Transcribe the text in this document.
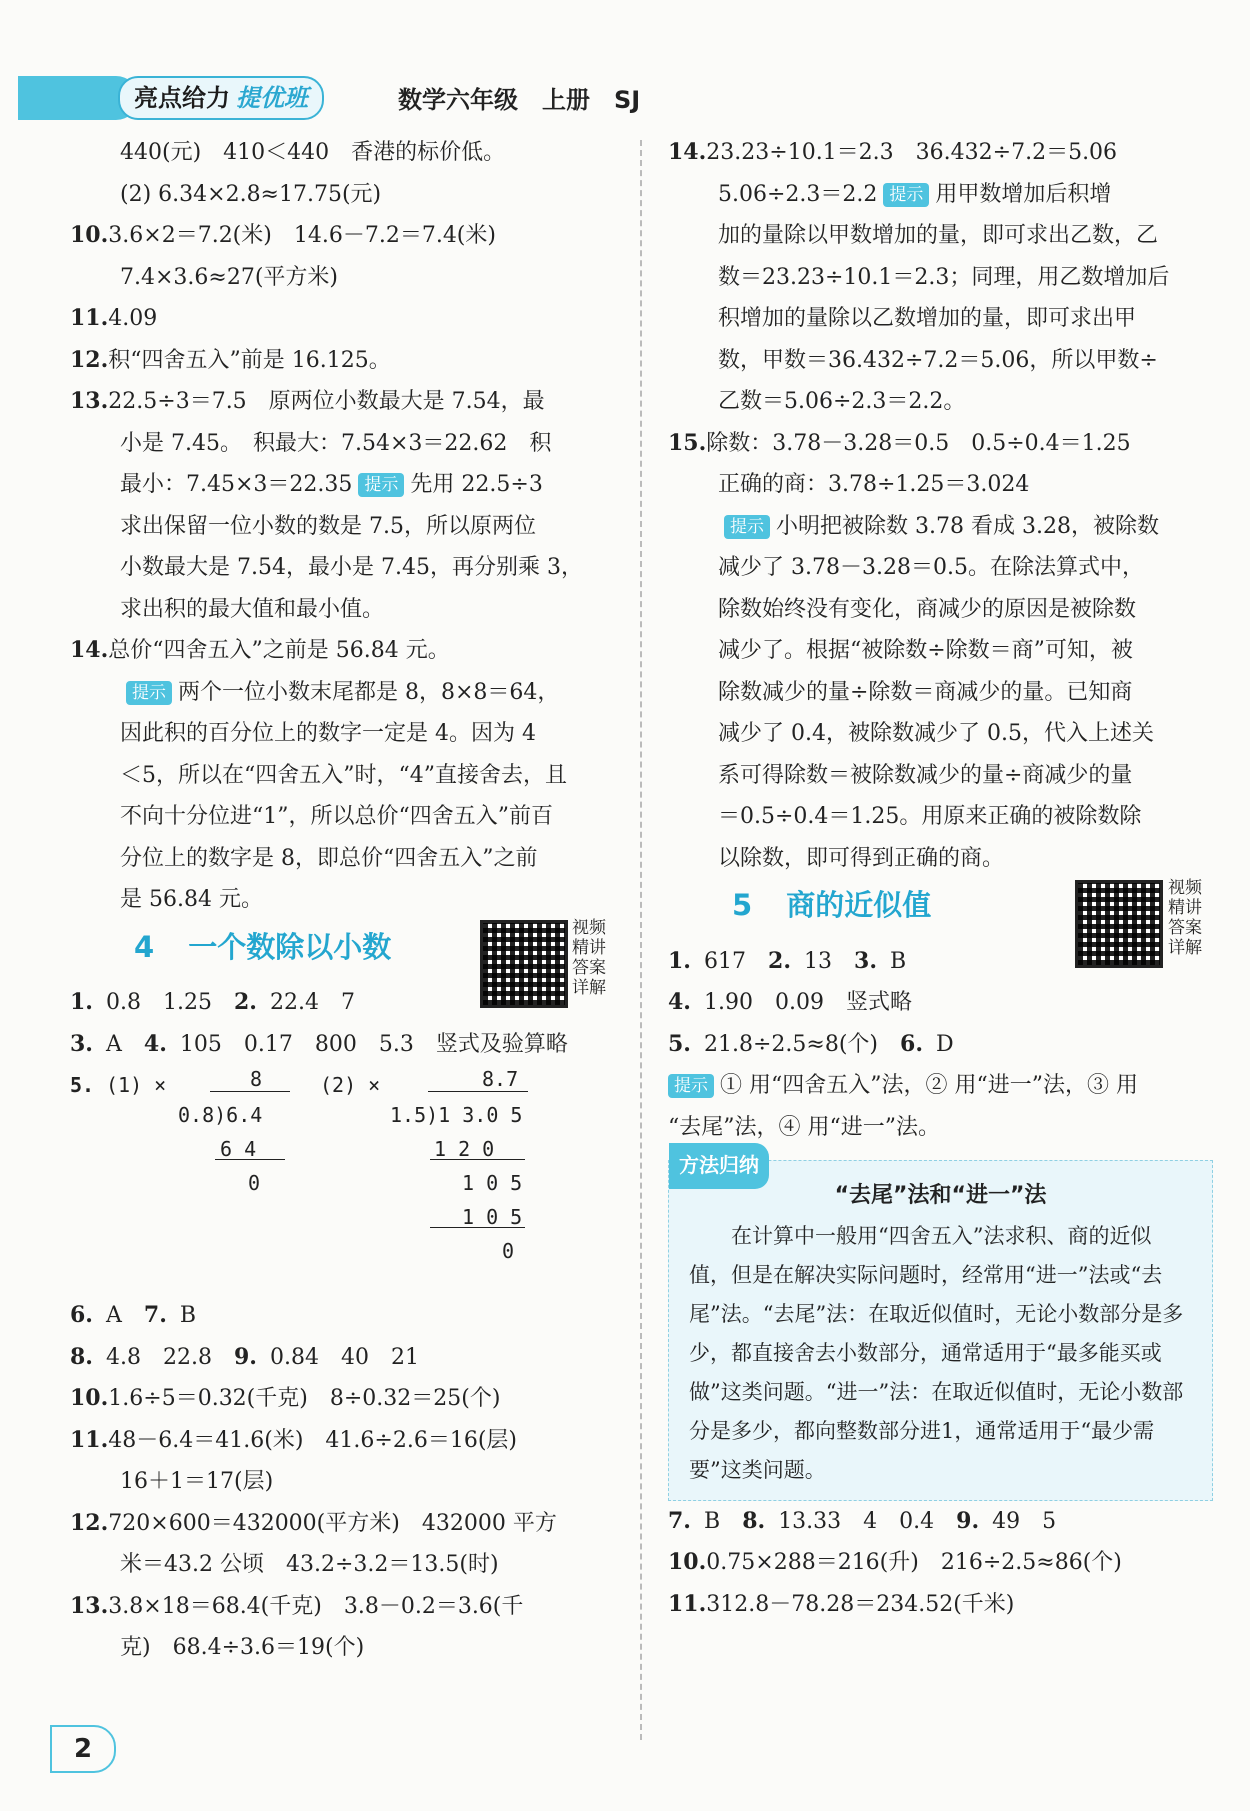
亮点给力 提优班	数学六年级　上册　SJ
440(元)　410＜440　香港的标价低。
(2) 6.34×2.8≈17.75(元)
10.3.6×2＝7.2(米)　14.6－7.2＝7.4(米)
7.4×3.6≈27(平方米)
11.4.09
12.积“四舍五入”前是 16.125。
13.22.5÷3＝7.5　原两位小数最大是 7.54，最
小是 7.45。　积最大：7.54×3＝22.62　积
最小：7.45×3＝22.35 提示 先用 22.5÷3
求出保留一位小数的数是 7.5，所以原两位
小数最大是 7.54，最小是 7.45，再分别乘 3，
求出积的最大值和最小值。
14.总价“四舍五入”之前是 56.84 元。
提示 两个一位小数末尾都是 8，8×8＝64，
因此积的百分位上的数字一定是 4。因为 4
＜5，所以在“四舍五入”时，“4”直接舍去，且
不向十分位进“1”，所以总价“四舍五入”前百
分位上的数字是 8，即总价“四舍五入”之前
是 56.84 元。
4 一个数除以小数
1. 0.8　1.25　 2. 22.4　7
3. A　 4. 105　0.17　800　5.3　竖式及验算略
5. (1) ×	8
0.8)6.4
6 4
0
(2) ×	8.7
1.5)1 3.0 5
1 2 0
1 0 5
1 0 5
0
6. A　 7. B
8. 4.8　22.8　 9. 0.84　40　21
10.1.6÷5＝0.32(千克)　8÷0.32＝25(个)
11.48－6.4＝41.6(米)　41.6÷2.6＝16(层)
16＋1＝17(层)
12.720×600＝432000(平方米)　432000 平方
米＝43.2 公顷　43.2÷3.2＝13.5(时)
13.3.8×18＝68.4(千克)　3.8－0.2＝3.6(千
克)　68.4÷3.6＝19(个)
视频精讲 答案详解
14.23.23÷10.1＝2.3　36.432÷7.2＝5.06
5.06÷2.3＝2.2 提示 用甲数增加后积增
加的量除以甲数增加的量，即可求出乙数，乙
数＝23.23÷10.1＝2.3；同理，用乙数增加后
积增加的量除以乙数增加的量，即可求出甲
数，甲数＝36.432÷7.2＝5.06，所以甲数÷
乙数＝5.06÷2.3＝2.2。
15.除数：3.78－3.28＝0.5　0.5÷0.4＝1.25
正确的商：3.78÷1.25＝3.024
提示 小明把被除数 3.78 看成 3.28，被除数
减少了 3.78－3.28＝0.5。在除法算式中，
除数始终没有变化，商减少的原因是被除数
减少了。根据“被除数÷除数＝商”可知，被
除数减少的量÷除数＝商减少的量。已知商
减少了 0.4，被除数减少了 0.5，代入上述关
系可得除数＝被除数减少的量÷商减少的量
＝0.5÷0.4＝1.25。用原来正确的被除数除
以除数，即可得到正确的商。
5 商的近似值
1. 617　 2. 13　 3. B
4. 1.90　0.09　竖式略
5. 21.8÷2.5≈8(个)　 6. D
提示 ① 用“四舍五入”法，② 用“进一”法，③ 用
“去尾”法，④ 用“进一”法。
方法归纳
“去尾”法和“进一”法
在计算中一般用“四舍五入”法求积、商的近似值，但是在解决实际问题时，经常用“进一”法或“去尾”法。“去尾”法：在取近似值时，无论小数部分是多少，都直接舍去小数部分，通常适用于“最多能买或做”这类问题。“进一”法：在取近似值时，无论小数部分是多少，都向整数部分进1，通常适用于“最少需要”这类问题。
7. B　 8. 13.33　4　0.4　 9. 49　5
10.0.75×288＝216(升)　216÷2.5≈86(个)
11.312.8－78.28＝234.52(千米)
视频精讲 答案详解
2
